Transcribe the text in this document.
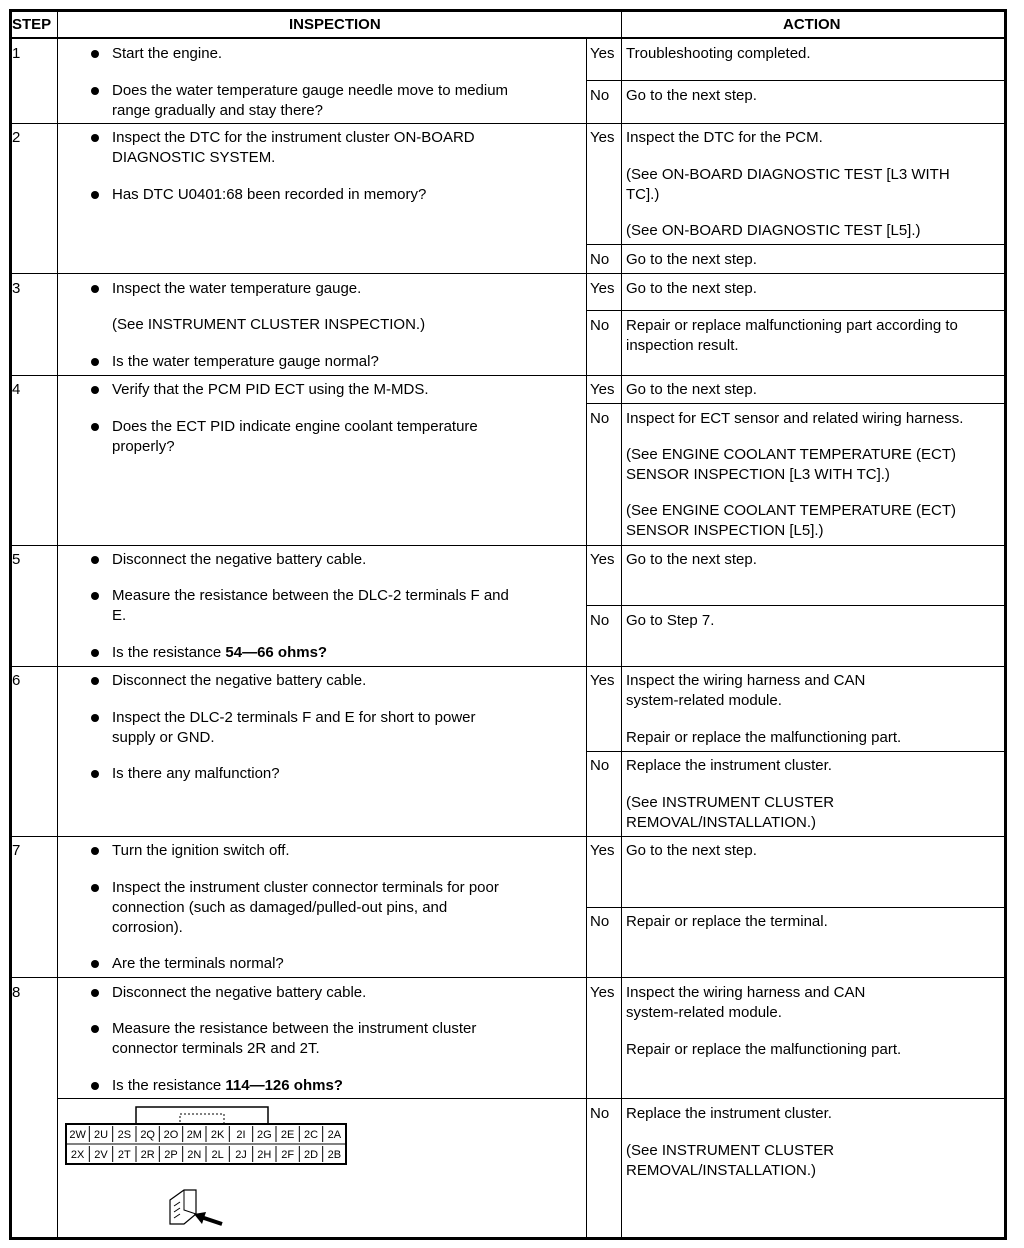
STEP	INSPECTION	ACTION
1	Start the engine.
Does the water temperature gauge needle move to medium
range gradually and stay there?
Yes Troubleshooting completed.
No Go to the next step.
2	Inspect the DTC for the instrument cluster ON-BOARD
DIAGNOSTIC SYSTEM.
Has DTC U0401:68 been recorded in memory?
Yes Inspect the DTC for the PCM.
(See ON-BOARD DIAGNOSTIC TEST [L3 WITH
TC].)
(See ON-BOARD DIAGNOSTIC TEST [L5].)
No Go to the next step.
3	Inspect the water temperature gauge.
(See INSTRUMENT CLUSTER INSPECTION.)
Is the water temperature gauge normal?
Yes Go to the next step.
No Repair or replace malfunctioning part according to
inspection result.
4	Verify that the PCM PID ECT using the M-MDS.
Does the ECT PID indicate engine coolant temperature
properly?
Yes Go to the next step.
No Inspect for ECT sensor and related wiring harness.
(See ENGINE COOLANT TEMPERATURE (ECT)
SENSOR INSPECTION [L3 WITH TC].)
(See ENGINE COOLANT TEMPERATURE (ECT)
SENSOR INSPECTION [L5].)
5	Disconnect the negative battery cable.
Measure the resistance between the DLC-2 terminals F and
E.
Is the resistance 54—66 ohms?
Yes Go to the next step.
No Go to Step 7.
6	Disconnect the negative battery cable.
Inspect the DLC-2 terminals F and E for short to power
supply or GND.
Is there any malfunction?
Yes Inspect the wiring harness and CAN
system-related module.
Repair or replace the malfunctioning part.
No Replace the instrument cluster.
(See INSTRUMENT CLUSTER
REMOVAL/INSTALLATION.)
7	Turn the ignition switch off.
Inspect the instrument cluster connector terminals for poor
connection (such as damaged/pulled-out pins, and
corrosion).
Are the terminals normal?
Yes Go to the next step.
No Repair or replace the terminal.
8	Disconnect the negative battery cable.
Measure the resistance between the instrument cluster
connector terminals 2R and 2T.
Is the resistance 114—126 ohms?
Yes Inspect the wiring harness and CAN
system-related module.
Repair or replace the malfunctioning part.
No Replace the instrument cluster.
(See INSTRUMENT CLUSTER
REMOVAL/INSTALLATION.)
2W 2U 2S 2Q 2O 2M 2K 2I 2G 2E 2C 2A
2X 2V 2T 2R 2P 2N 2L 2J 2H 2F 2D 2B
